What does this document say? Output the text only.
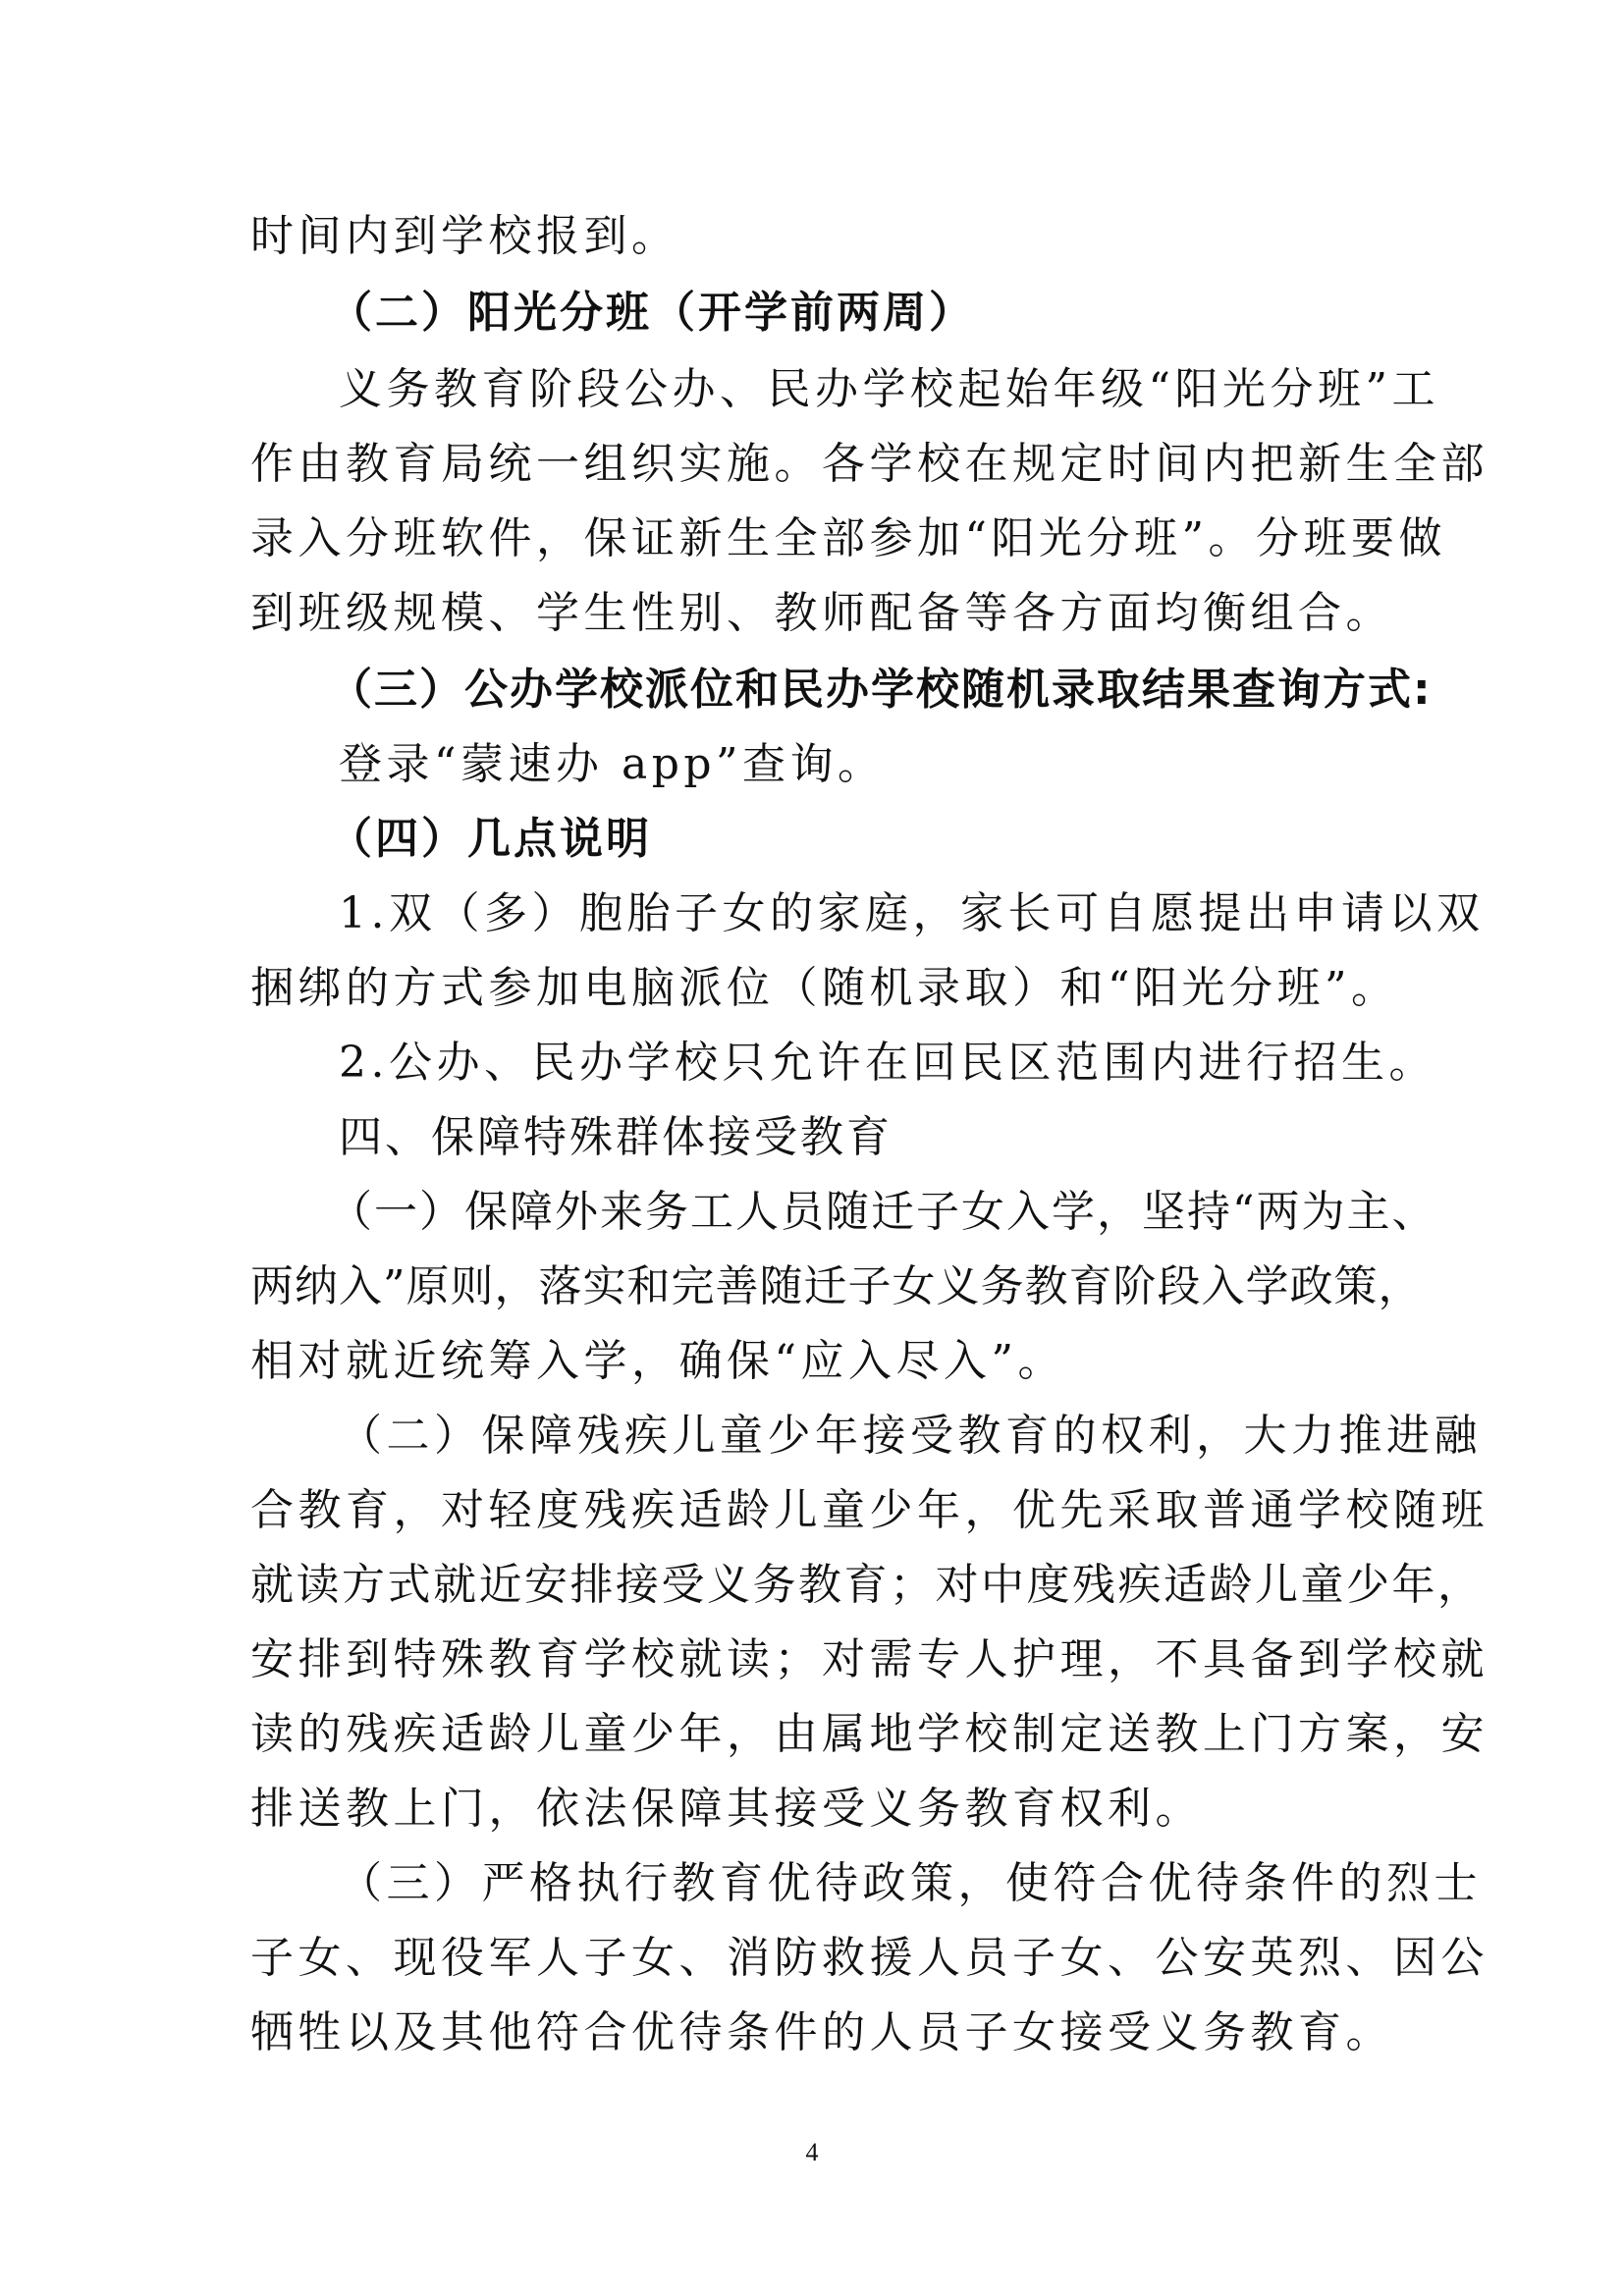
时间内到学校报到。
（二）阳光分班（开学前两周）
义务教育阶段公办、民办学校起始年级“阳光分班”工
作由教育局统一组织实施。各学校在规定时间内把新生全部
录入分班软件，保证新生全部参加“阳光分班”。分班要做
到班级规模、学生性别、教师配备等各方面均衡组合。
（三）公办学校派位和民办学校随机录取结果查询方式:
登录“蒙速办 app”查询。
（四）几点说明
1.双（多）胞胎子女的家庭，家长可自愿提出申请以双
捆绑的方式参加电脑派位（随机录取）和“阳光分班”。
2.公办、民办学校只允许在回民区范围内进行招生。
四、保障特殊群体接受教育
（一）保障外来务工人员随迁子女入学，坚持“两为主、
两纳入”原则，落实和完善随迁子女义务教育阶段入学政策，
相对就近统筹入学，确保“应入尽入”。
（二）保障残疾儿童少年接受教育的权利，大力推进融
合教育，对轻度残疾适龄儿童少年，优先采取普通学校随班
就读方式就近安排接受义务教育；对中度残疾适龄儿童少年，
安排到特殊教育学校就读；对需专人护理，不具备到学校就
读的残疾适龄儿童少年，由属地学校制定送教上门方案，安
排送教上门，依法保障其接受义务教育权利。
（三）严格执行教育优待政策，使符合优待条件的烈士
子女、现役军人子女、消防救援人员子女、公安英烈、因公
牺牲以及其他符合优待条件的人员子女接受义务教育。
4
